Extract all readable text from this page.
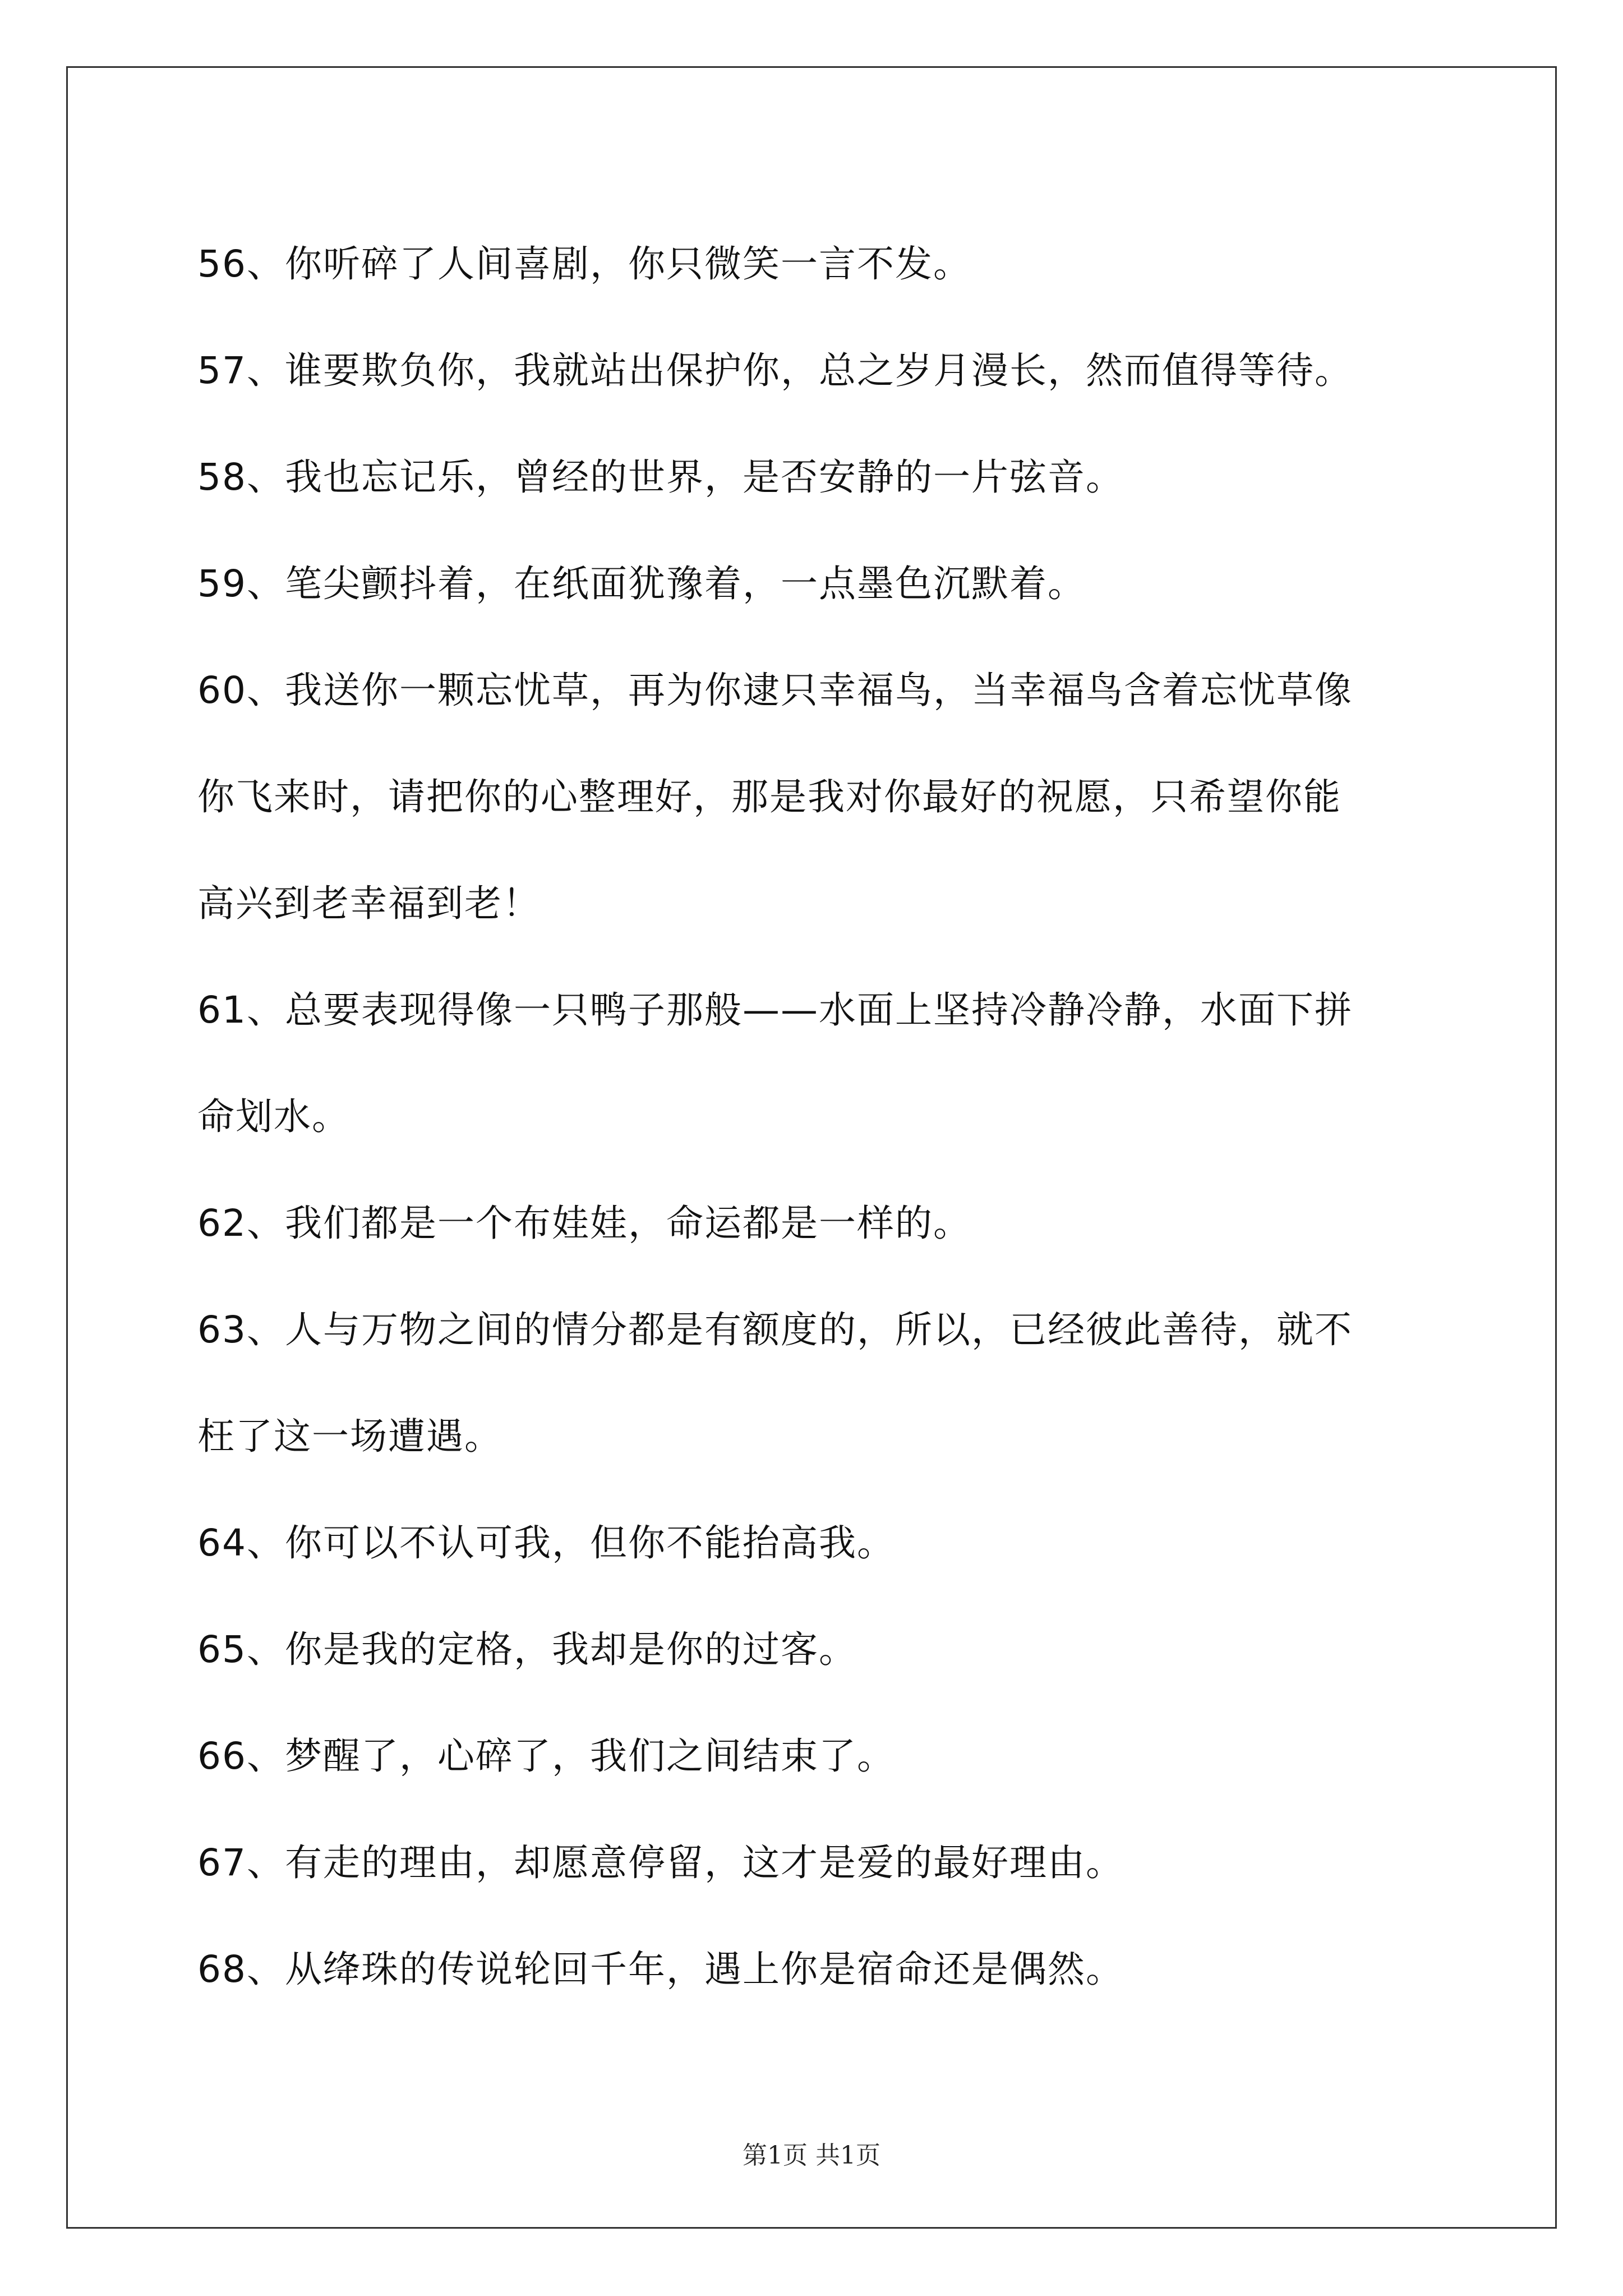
56、你听碎了人间喜剧，你只微笑一言不发。
57、谁要欺负你，我就站出保护你，总之岁月漫长，然而值得等待。
58、我也忘记乐，曾经的世界，是否安静的一片弦音。
59、笔尖颤抖着，在纸面犹豫着，一点墨色沉默着。
60、我送你一颗忘忧草，再为你逮只幸福鸟，当幸福鸟含着忘忧草像
你飞来时，请把你的心整理好，那是我对你最好的祝愿，只希望你能
高兴到老幸福到老！
61、总要表现得像一只鸭子那般——水面上坚持冷静冷静，水面下拼
命划水。
62、我们都是一个布娃娃，命运都是一样的。
63、人与万物之间的情分都是有额度的，所以，已经彼此善待，就不
枉了这一场遭遇。
64、你可以不认可我，但你不能抬高我。
65、你是我的定格，我却是你的过客。
66、梦醒了，心碎了，我们之间结束了。
67、有走的理由，却愿意停留，这才是爱的最好理由。
68、从绛珠的传说轮回千年，遇上你是宿命还是偶然。
第1页 共1页
